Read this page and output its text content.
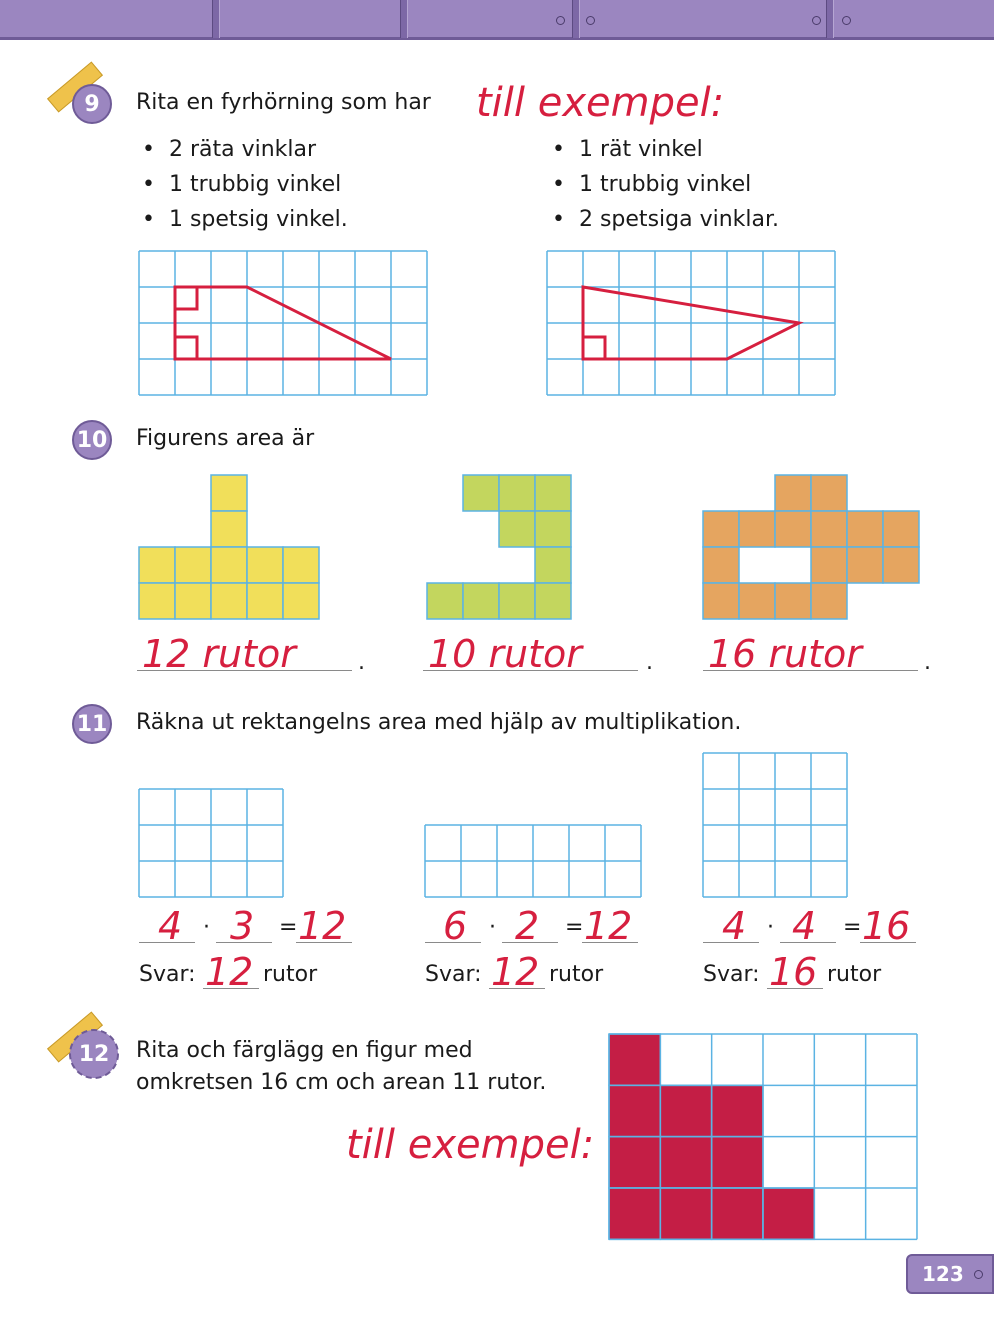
9	Rita en fyrhörning som har till exempel:
• 2 räta vinklar
• 1 trubbig vinkel
• 1 spetsig vinkel.
• 1 rät vinkel
• 1 trubbig vinkel
• 2 spetsiga vinklar.
10 Figurens area är
12 rutor	10 rutor	16 rutor
.	.	.
11 Räkna ut rektangelns area med hjälp av multiplikation.
4 · 3 = 12	6 · 2 = 12 4 · 4 = 16
Svar: 12 rutor	Svar: 12 rutor	Svar: 16 rutor
12 Rita och färglägg en figur med
omkretsen 16 cm och arean 11 rutor.
till exempel:
123
